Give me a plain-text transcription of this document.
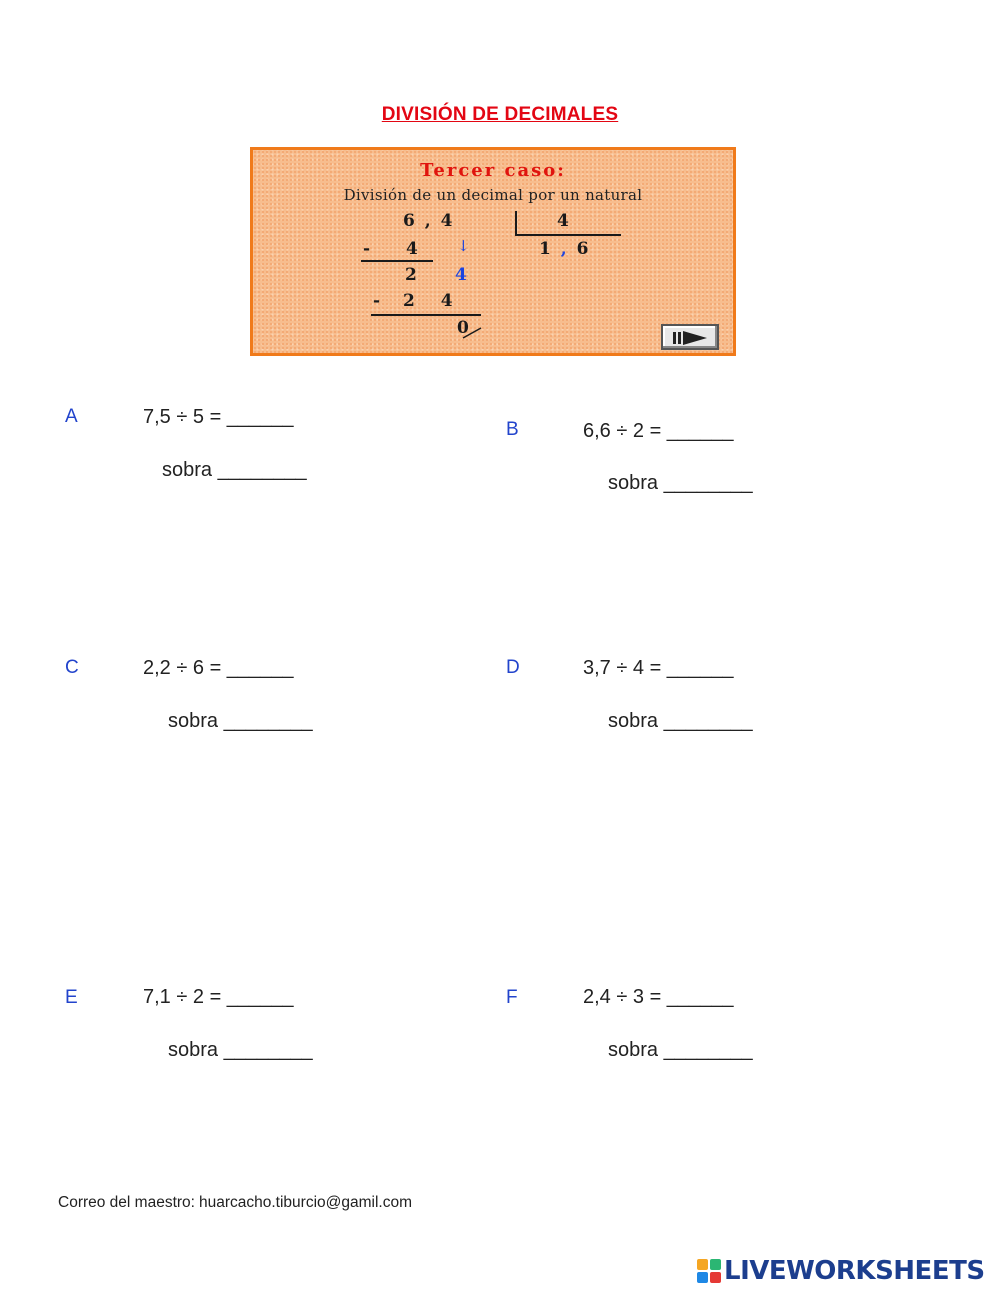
DIVISIÓN DE DECIMALES
Tercer caso:
División de un decimal por un natural
6 , 4	4
- 4	↓	1 , 6
2 4
- 2 4
0
A	7,5 ÷ 5 = ______
sobra ________
B	6,6 ÷ 2 = ______
sobra ________
C	2,2 ÷ 6 = ______
sobra ________
D	3,7 ÷ 4 = ______
sobra ________
E	7,1 ÷ 2 = ______
sobra ________
F	2,4 ÷ 3 = ______
sobra ________
Correo del maestro: huarcacho.tiburcio@gamil.com
LIVEWORKSHEETS
